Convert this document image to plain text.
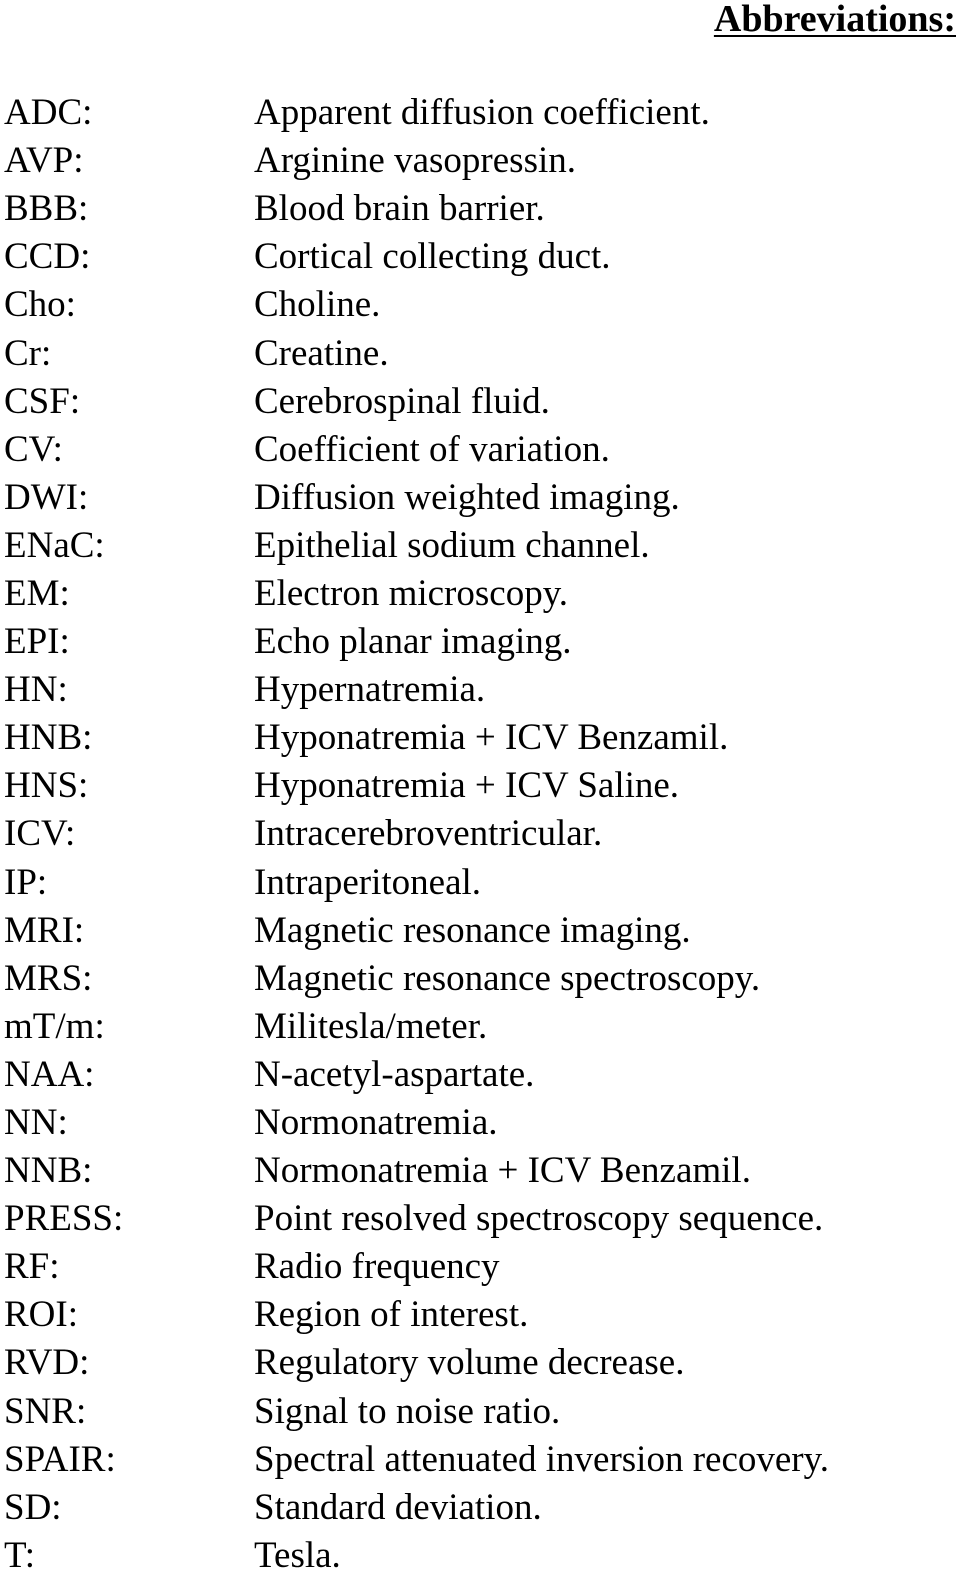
Abbreviations:
ADC:	Apparent diffusion coefficient.
AVP:	Arginine vasopressin.
BBB:	Blood brain barrier.
CCD:	Cortical collecting duct.
Cho:	Choline.
Cr:	Creatine.
CSF:	Cerebrospinal fluid.
CV:	Coefficient of variation.
DWI:	Diffusion weighted imaging.
ENaC:	Epithelial sodium channel.
EM:	Electron microscopy.
EPI:	Echo planar imaging.
HN:	Hypernatremia.
HNB:	Hyponatremia + ICV Benzamil.
HNS:	Hyponatremia + ICV Saline.
ICV:	Intracerebroventricular.
IP:	Intraperitoneal.
MRI:	Magnetic resonance imaging.
MRS:	Magnetic resonance spectroscopy.
mT/m:	Militesla/meter.
NAA:	N-acetyl-aspartate.
NN:	Normonatremia.
NNB:	Normonatremia + ICV Benzamil.
PRESS:	Point resolved spectroscopy sequence.
RF:	Radio frequency
ROI:	Region of interest.
RVD:	Regulatory volume decrease.
SNR:	Signal to noise ratio.
SPAIR:	Spectral attenuated inversion recovery.
SD:	Standard deviation.
T:	Tesla.
